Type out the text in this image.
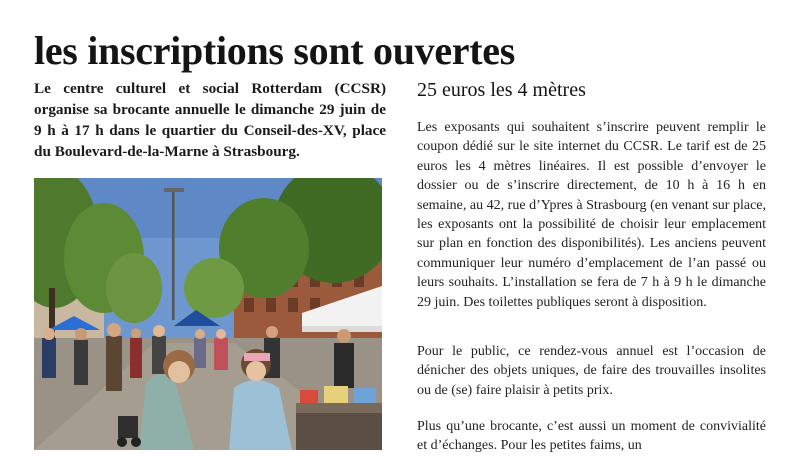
les inscriptions sont ouvertes

Le centre culturel et social Rotterdam (CCSR) organise sa brocante annuelle le dimanche 29 juin de 9 h à 17 h dans le quartier du Conseil-des-XV, place du Boulevard-de-la-Marne à Strasbourg.

25 euros les 4 mètres

Les exposants qui souhaitent s’inscrire peuvent remplir le coupon dédié sur le site internet du CCSR. Le tarif est de 25 euros les 4 mètres linéaires. Il est possible d’envoyer le dossier ou de s’inscrire directement, de 10 h à 16 h en semaine, au 42, rue d’Ypres à Strasbourg (en venant sur place, les exposants ont la possibilité de choisir leur emplacement sur plan en fonction des disponibilités). Les anciens peuvent communiquer leur numéro d’emplacement de l’an passé ou leurs souhaits. L’installation se fera de 7 h à 9 h le dimanche 29 juin. Des toilettes publiques seront à disposition.

Pour le public, ce rendez-vous annuel est l’occasion de dénicher des objets uniques, de faire des trouvailles insolites ou de (se) faire plaisir à petits prix.

Plus qu’une brocante, c’est aussi un moment de convivialité et d’échanges. Pour les petites faims, un
